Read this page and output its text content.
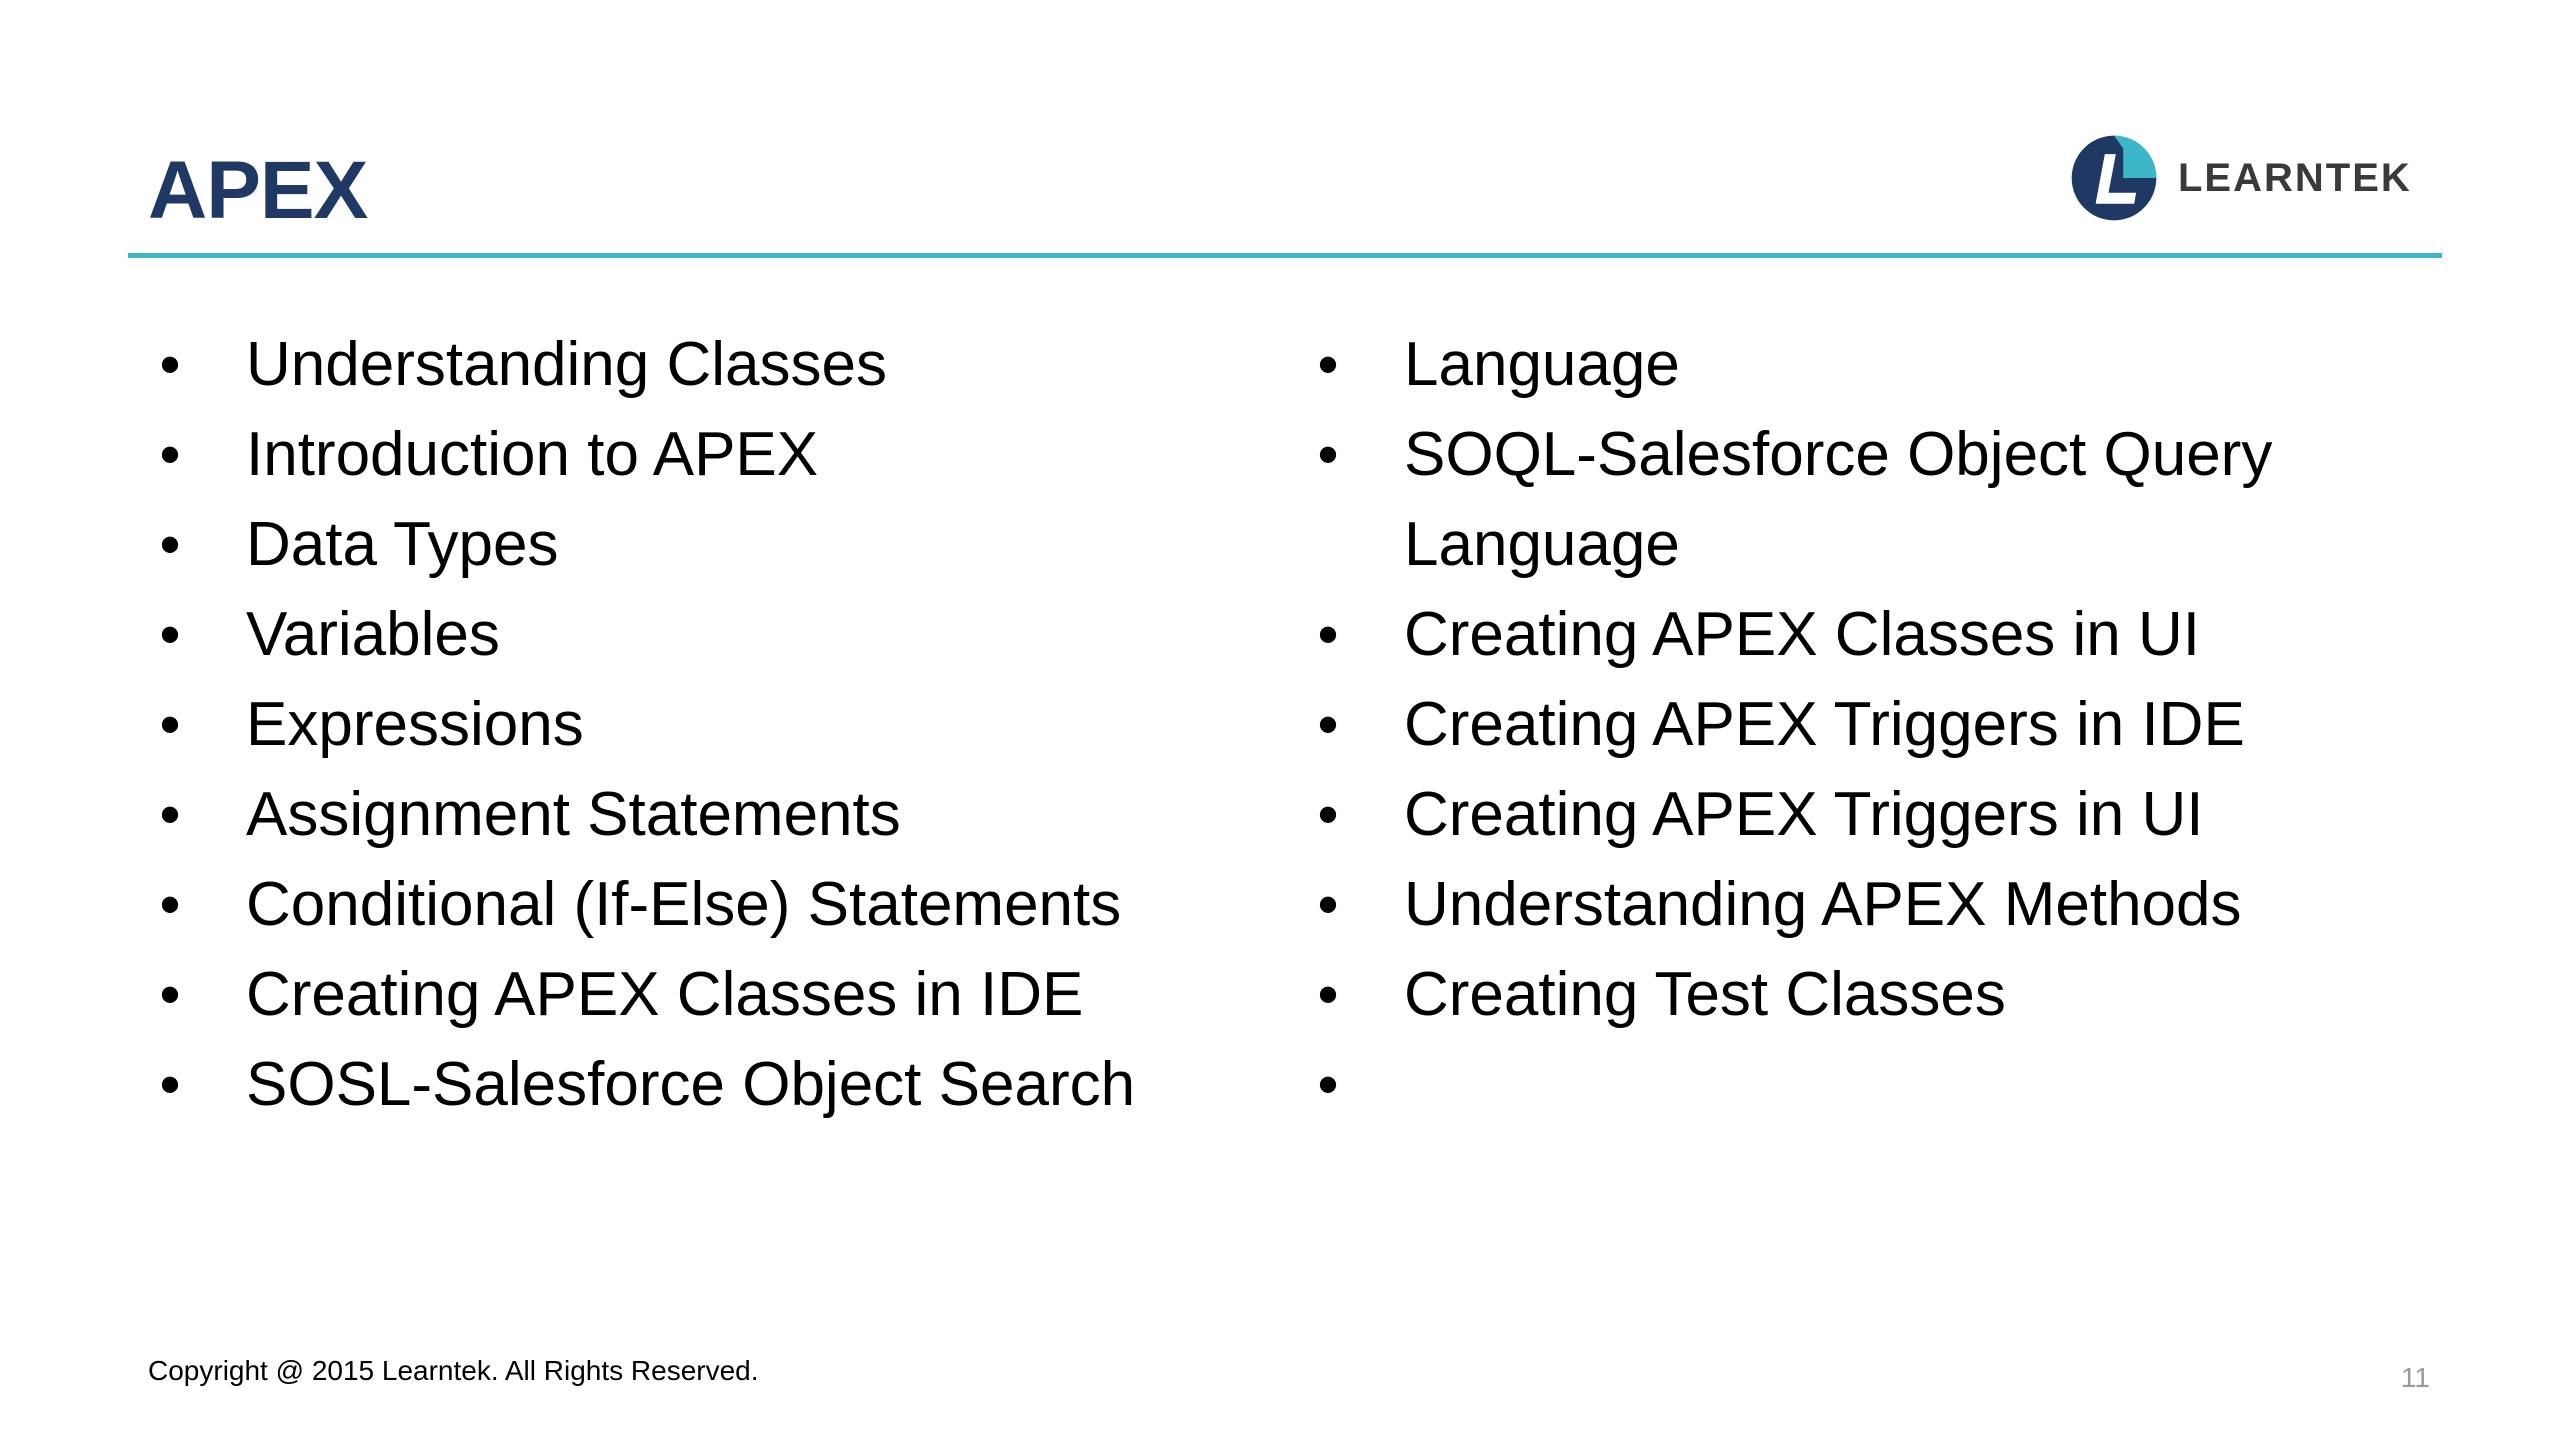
APEX	LEARNTEK
• Understanding Classes
• Introduction to APEX
• Data Types
• Variables
• Expressions
• Assignment Statements
• Conditional (If-Else) Statements
• Creating APEX Classes in IDE
• SOSL-Salesforce Object Search
• Language
• SOQL-Salesforce Object Query Language
• Creating APEX Classes in UI
• Creating APEX Triggers in IDE
• Creating APEX Triggers in UI
• Understanding APEX Methods
• Creating Test Classes
•
Copyright @ 2015 Learntek. All Rights Reserved.	11
